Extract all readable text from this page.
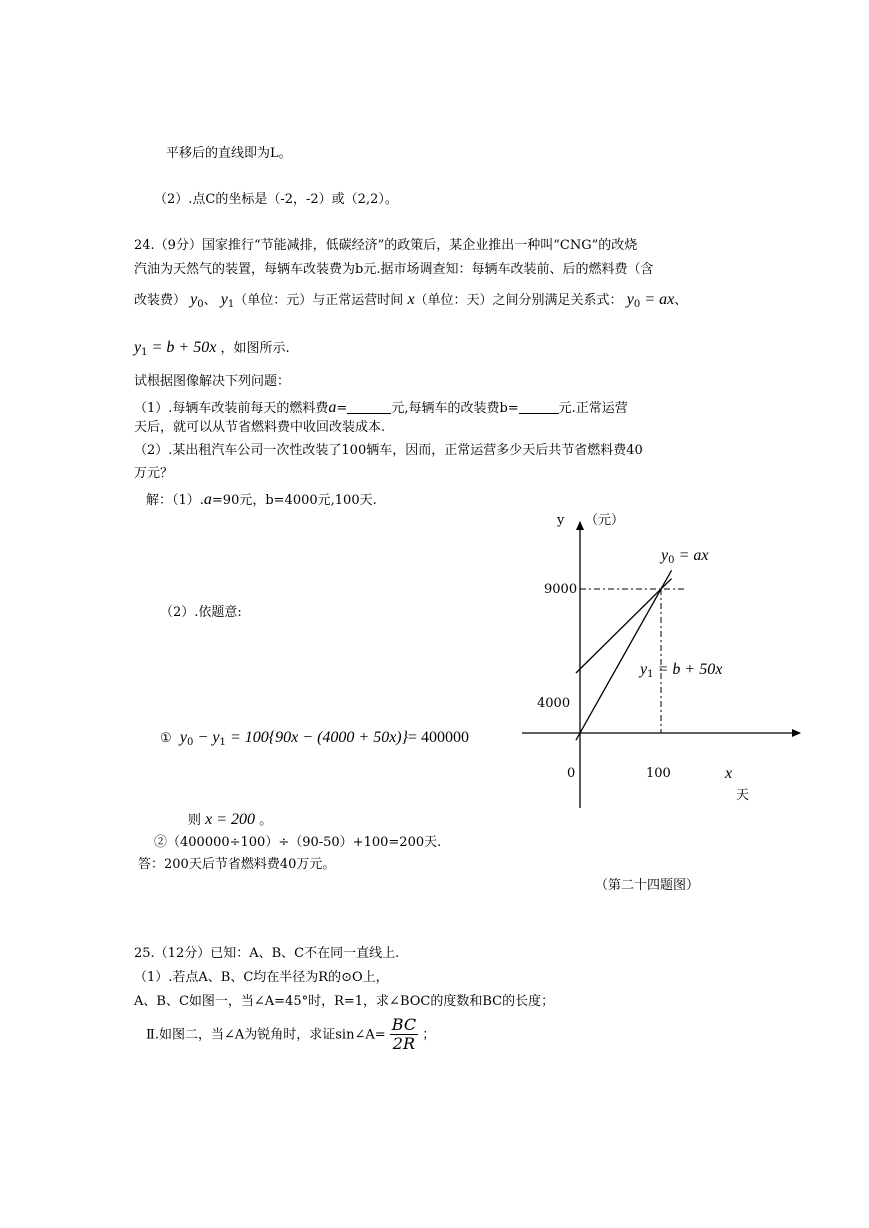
平移后的直线即为L。
（2）.点C的坐标是（-2，-2）或（2,2）。
24.（9分）国家推行“节能减排，低碳经济”的政策后，某企业推出一种叫“CNG”的改烧
汽油为天然气的装置，每辆车改装费为b元.据市场调查知：每辆车改装前、后的燃料费（含
改装费） $y_0$、 $y_1$（单位：元）与正常运营时间 x（单位：天）之间分别满足关系式： $y_0$ = ax、
$y_1 = b + 50x$ ，如图所示.
试根据图像解决下列问题：
（1）.每辆车改装前每天的燃料费a=	元,每辆车的改装费b=	元.正常运营
天后，就可以从节省燃料费中收回改装成本.
（2）.某出租汽车公司一次性改装了100辆车，因而，正常运营多少天后共节省燃料费40
万元？
解：（1）.a=90元，b=4000元,100天.
（2）.依题意:
① $y_0 - y_1 = 100\{90x - (4000 + 50x)\}= 400000$
则 x = 200 。
②（400000÷100）÷（90-50）+100=200天.
答：200天后节省燃料费40万元。
（第二十四题图）
25.（12分）已知：A、B、C不在同一直线上.
（1）.若点A、B、C均在半径为R的⊙O上，
A、B、C如图一，当∠A=45°时，R=1，求∠BOC的度数和BC的长度；
Ⅱ.如图二，当∠A为锐角时，求证sin∠A= $\frac{BC}{2R}$ ；
y （元）
9000
4000
0	100	x
天
$y_0$ = ax
$y_1 = b + 50x$
